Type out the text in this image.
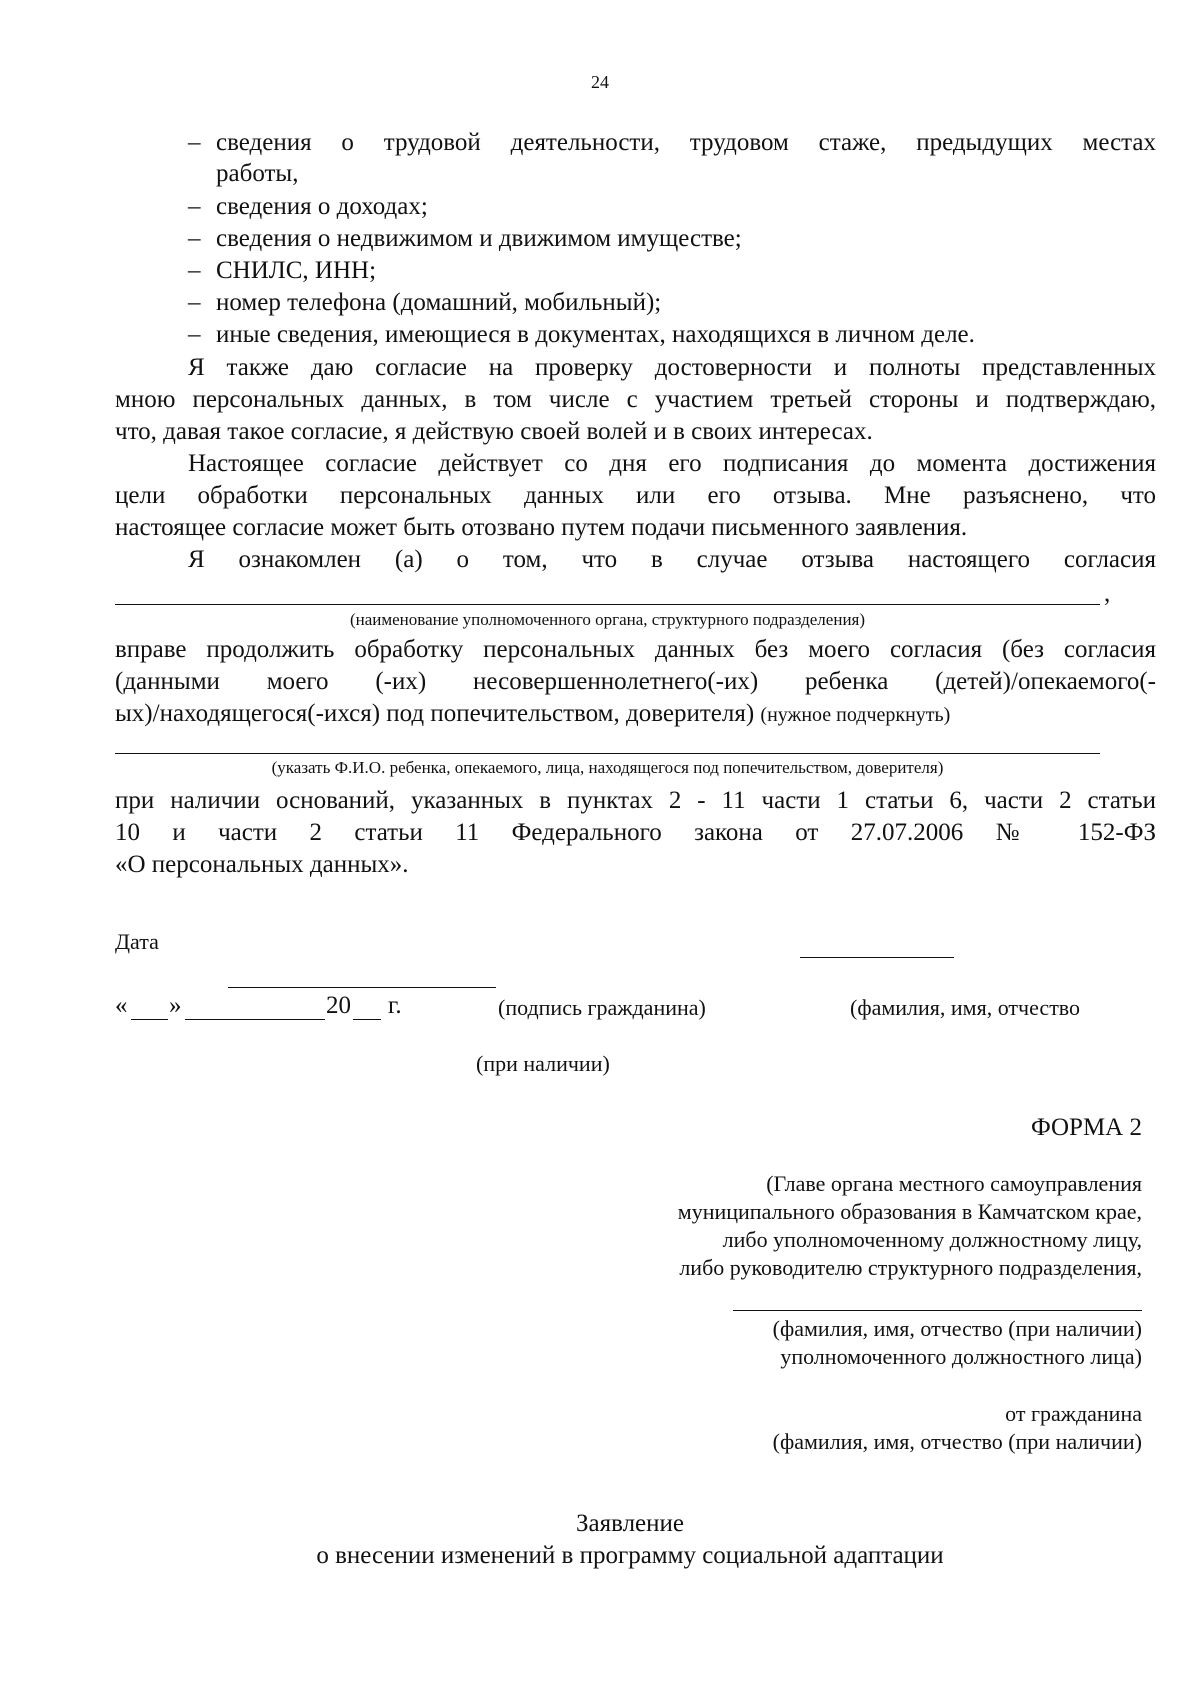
24
– сведения о трудовой деятельности, трудовом стаже, предыдущих местах
работы,
– сведения о доходах;
– сведения о недвижимом и движимом имуществе;
– СНИЛС, ИНН;
– номер телефона (домашний, мобильный);
– иные сведения, имеющиеся в документах, находящихся в личном деле.
Я также даю согласие на проверку достоверности и полноты представленных
мною персональных данных, в том числе с участием третьей стороны и подтверждаю,
что, давая такое согласие, я действую своей волей и в своих интересах.
Настоящее согласие действует со дня его подписания до момента достижения
цели обработки персональных данных или его отзыва. Мне разъяснено, что
настоящее согласие может быть отозвано путем подачи письменного заявления.
Я ознакомлен (а) о том, что в случае отзыва настоящего согласия
,
(наименование уполномоченного органа, структурного подразделения)
вправе продолжить обработку персональных данных без моего согласия (без согласия
(данными моего (-их) несовершеннолетнего(-их) ребенка (детей)/опекаемого(-
ых)/находящегося(-ихся) под попечительством, доверителя) (нужное подчеркнуть)
(указать Ф.И.О. ребенка, опекаемого, лица, находящегося под попечительством, доверителя)
при наличии оснований, указанных в пунктах 2 - 11 части 1 статьи 6, части 2 статьи
10 и части 2 статьи 11 Федерального закона от 27.07.2006 № 152-ФЗ
«О персональных данных».
Дата
« »	20 г.	(подпись гражданина)	(фамилия, имя, отчество
(при наличии)
ФОРМА 2
(Главе органа местного самоуправления
муниципального образования в Камчатском крае,
либо уполномоченному должностному лицу,
либо руководителю структурного подразделения,
(фамилия, имя, отчество (при наличии)
уполномоченного должностного лица)
от гражданина
(фамилия, имя, отчество (при наличии)
Заявление
о внесении изменений в программу социальной адаптации
